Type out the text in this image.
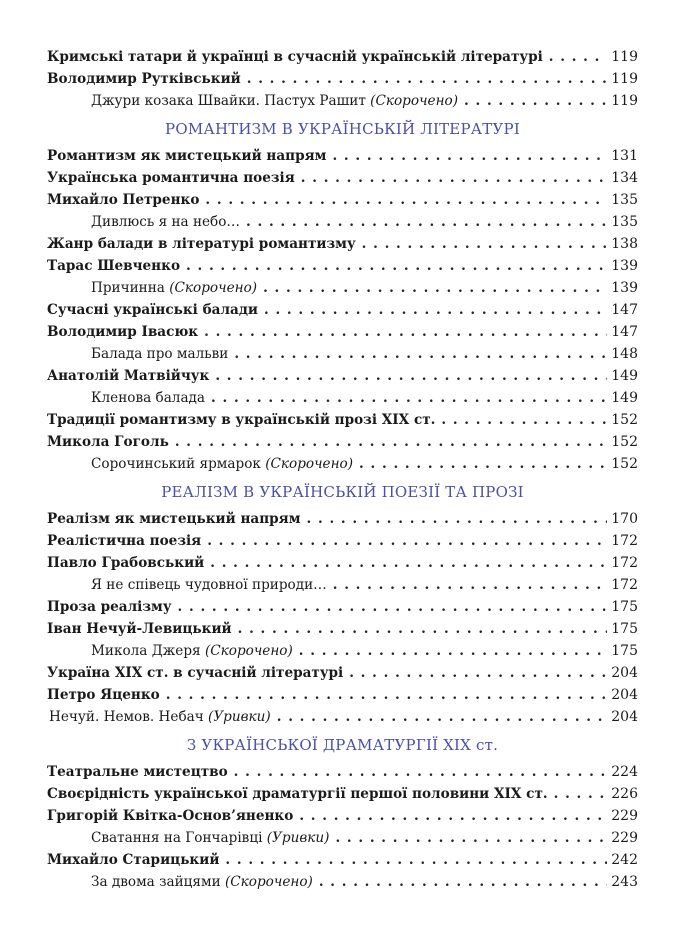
Кримські татари й українці в сучасній українській літературі . . .	119
Володимир Рутківський . . .	119
Джури козака Швайки. Пастух Рашит (Скорочено) . . .	119
РОМАНТИЗМ В УКРАЇНСЬКІЙ ЛІТЕРАТУРІ
Романтизм як мистецький напрям . . .	131
Українська романтична поезія . . .	134
Михайло Петренко . . .	135
Дивлюсь я на небо… . . .	135
Жанр балади в літературі романтизму . . .	138
Тарас Шевченко . . .	139
Причинна (Скорочено) . . .	139
Сучасні українські балади . . .	147
Володимир Івасюк . . .	147
Балада про мальви . . .	148
Анатолій Матвійчук . . .	149
Кленова балада . . .	149
Традиції романтизму в українській прозі XIX ст. . . .	152
Микола Гоголь . . .	152
Сорочинський ярмарок (Скорочено) . . .	152
РЕАЛІЗМ В УКРАЇНСЬКІЙ ПОЕЗІЇ ТА ПРОЗІ
Реалізм як мистецький напрям . . .	170
Реалістична поезія . . .	172
Павло Грабовський . . .	172
Я не співець чудовної природи… . . .	172
Проза реалізму . . .	175
Іван Нечуй-Левицький . . .	175
Микола Джеря (Скорочено) . . .	175
Україна XIX ст. в сучасній літературі . . .	204
Петро Яценко . . .	204
Нечуй. Немов. Небач (Уривки) . . .	204
З УКРАЇНСЬКОЇ ДРАМАТУРГІЇ XIX ст.
Театральне мистецтво . . .	224
Своєрідність української драматургії першої половини XIX ст. . . .	226
Григорій Квітка-Основ’яненко . . .	229
Сватання на Гончарівці (Уривки) . . .	229
Михайло Старицький . . .	242
За двома зайцями (Скорочено) . . .	243
